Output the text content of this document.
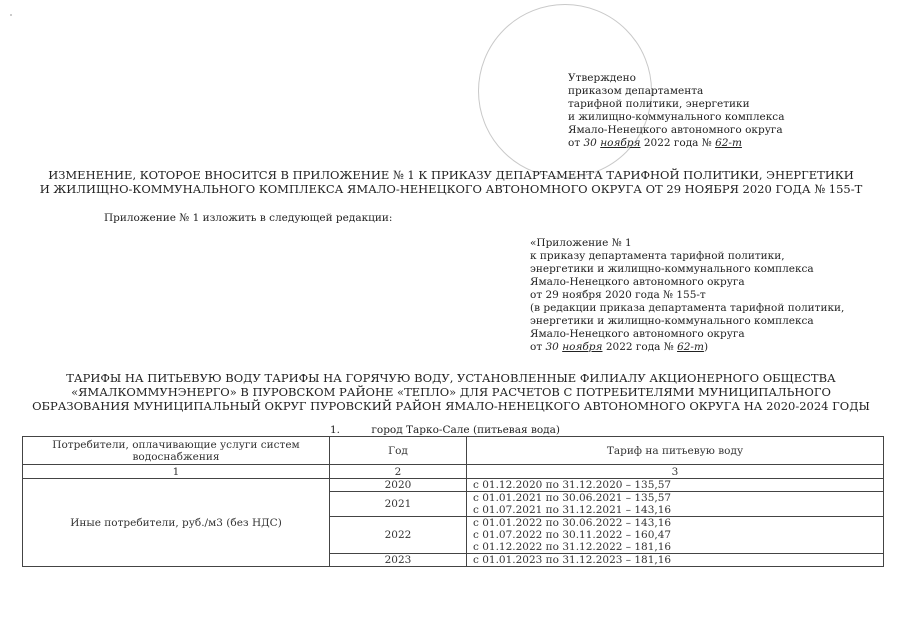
Утверждено
приказом департамента
тарифной политики, энергетики
и жилищно-коммунального комплекса
Ямало-Ненецкого автономного округа
от 30 ноября 2022 года № 62-т
ИЗМЕНЕНИЕ, КОТОРОЕ ВНОСИТСЯ В ПРИЛОЖЕНИЕ № 1 К ПРИКАЗУ ДЕПАРТАМЕНТА ТАРИФНОЙ ПОЛИТИКИ, ЭНЕРГЕТИКИ
И ЖИЛИЩНО-КОММУНАЛЬНОГО КОМПЛЕКСА ЯМАЛО-НЕНЕЦКОГО АВТОНОМНОГО ОКРУГА ОТ 29 НОЯБРЯ 2020 ГОДА № 155-Т
Приложение № 1 изложить в следующей редакции:
«Приложение № 1
к приказу департамента тарифной политики,
энергетики и жилищно-коммунального комплекса
Ямало-Ненецкого автономного округа
от 29 ноября 2020 года № 155-т
(в редакции приказа департамента тарифной политики,
энергетики и жилищно-коммунального комплекса
Ямало-Ненецкого автономного округа
от 30 ноября 2022 года № 62-т)
ТАРИФЫ НА ПИТЬЕВУЮ ВОДУ ТАРИФЫ НА ГОРЯЧУЮ ВОДУ, УСТАНОВЛЕННЫЕ ФИЛИАЛУ АКЦИОНЕРНОГО ОБЩЕСТВА
«ЯМАЛКОММУНЭНЕРГО» В ПУРОВСКОМ РАЙОНЕ «ТЕПЛО» ДЛЯ РАСЧЕТОВ С ПОТРЕБИТЕЛЯМИ МУНИЦИПАЛЬНОГО
ОБРАЗОВАНИЯ МУНИЦИПАЛЬНЫЙ ОКРУГ ПУРОВСКИЙ РАЙОН ЯМАЛО-НЕНЕЦКОГО АВТОНОМНОГО ОКРУГА НА 2020-2024 ГОДЫ
1.	город Тарко-Сале (питьевая вода)
Потребители, оплачивающие услуги систем водоснабжения	Год	Тариф на питьевую воду
1	2	3
Иные потребители, руб./м3 (без НДС)	2020	с 01.12.2020 по 31.12.2020 – 135,57

	2021	с 01.01.2021 по 30.06.2021 – 135,57
с 01.07.2021 по 31.12.2021 – 143,16

	2022	с 01.01.2022 по 30.06.2022 – 143,16
с 01.07.2022 по 30.11.2022 – 160,47
с 01.12.2022 по 31.12.2022 – 181,16

	2023	с 01.01.2023 по 31.12.2023 – 181,16
